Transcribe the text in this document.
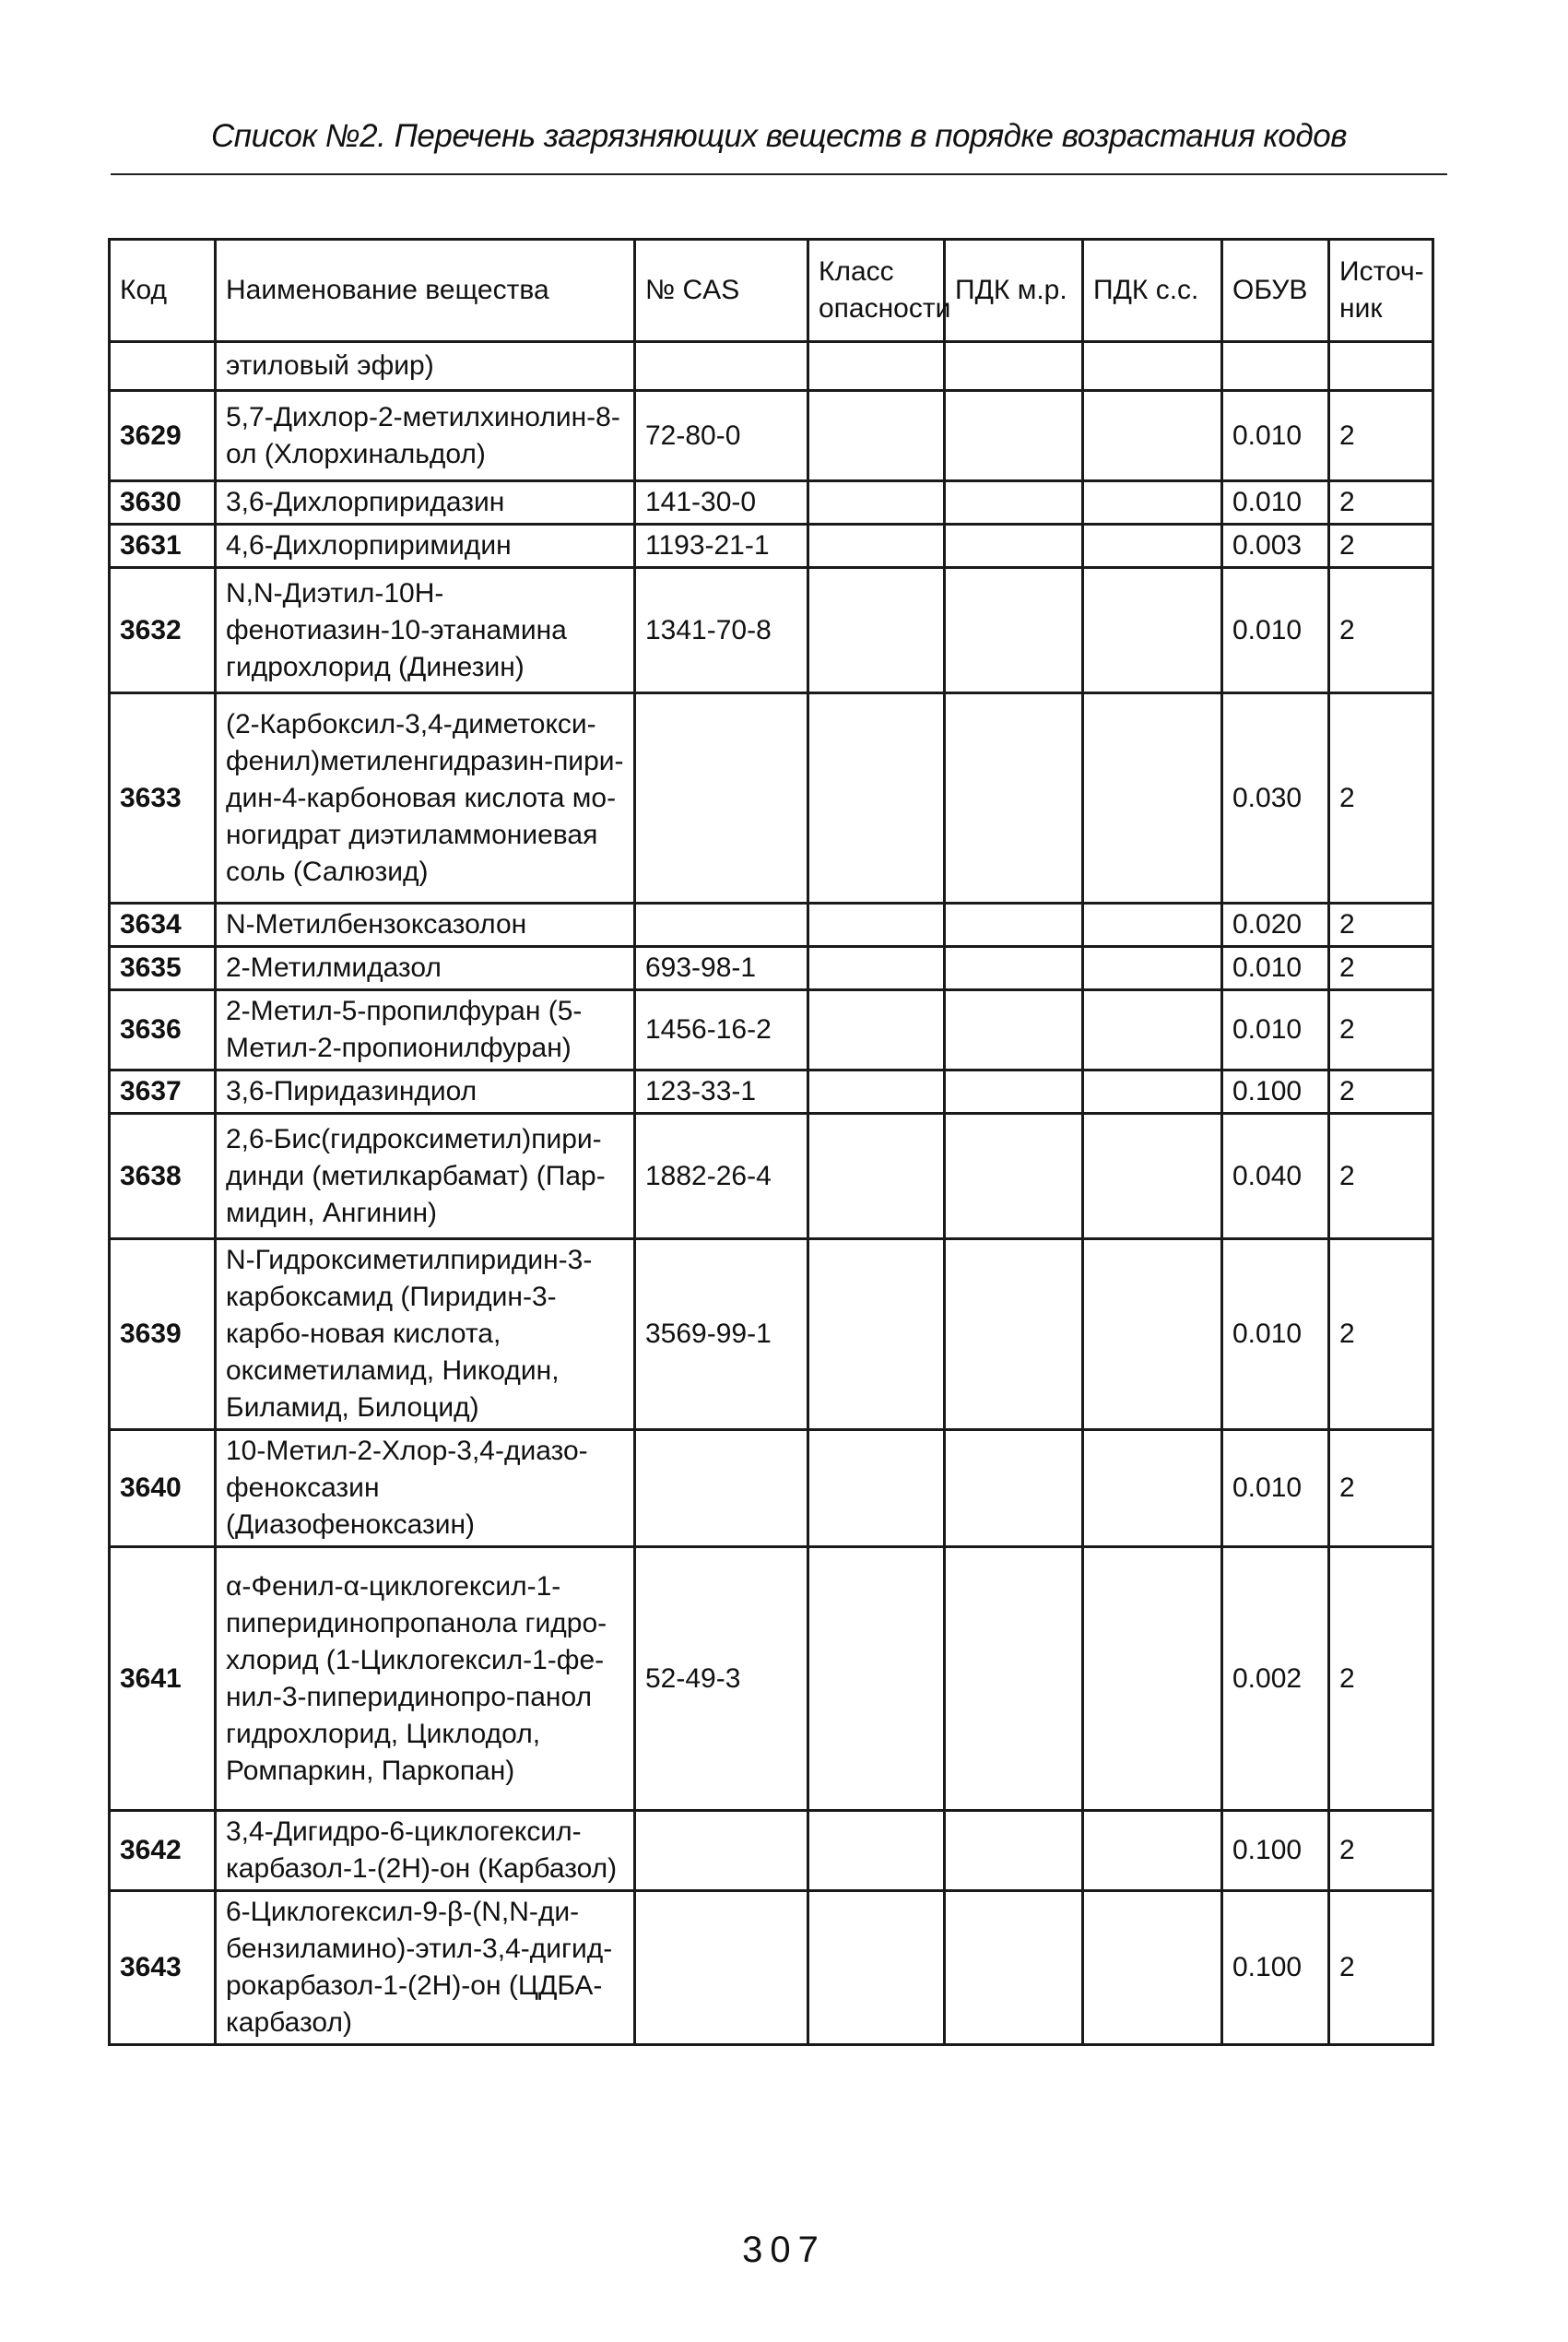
Список №2. Перечень загрязняющих веществ в порядке возрастания кодов
Код	Наименование вещества	№ CAS	Класс опасности	ПДК м.р.	ПДК с.с.	ОБУВ	Источ-ник
	этиловый эфир)						
3629	5,7-Дихлор-2-метилхинолин-8-ол (Хлорхинальдол)	72-80-0				0.010	2
3630	3,6-Дихлорпиридазин	141-30-0				0.010	2
3631	4,6-Дихлорпиримидин	1193-21-1				0.003	2
3632	N,N-Диэтил-10H-фенотиазин-10-этанамина гидрохлорид (Динезин)	1341-70-8				0.010	2
3633	(2-Карбоксил-3,4-диметокси-фенил)метиленгидразин-пири-дин-4-карбоновая кислота мо-ногидрат диэтиламмониевая соль (Салюзид)					0.030	2
3634	N-Метилбензоксазолон					0.020	2
3635	2-Метилмидазол	693-98-1				0.010	2
3636	2-Метил-5-пропилфуран (5-Метил-2-пропионилфуран)	1456-16-2				0.010	2
3637	3,6-Пиридазиндиол	123-33-1				0.100	2
3638	2,6-Бис(гидроксиметил)пири-динди (метилкарбамат) (Пар-мидин, Ангинин)	1882-26-4				0.040	2
3639	N-Гидроксиметилпиридин-3-карбоксамид (Пиридин-3-карбо-новая кислота, оксиметиламид, Никодин, Биламид, Билоцид)	3569-99-1				0.010	2
3640	10-Метил-2-Хлор-3,4-диазо-феноксазин (Диазофеноксазин)					0.010	2
3641	α-Фенил-α-циклогексил-1-пиперидинопропанола гидро-хлорид (1-Циклогексил-1-фе-нил-3-пиперидинопро-панол гидрохлорид, Циклодол, Ромпаркин, Паркопан)	52-49-3				0.002	2
3642	3,4-Дигидро-6-циклогексил-карбазол-1-(2H)-он (Карбазол)					0.100	2
3643	6-Циклогексил-9-β-(N,N-ди-бензиламино)-этил-3,4-дигид-рокарбазол-1-(2H)-он (ЦДБА-карбазол)					0.100	2
307
